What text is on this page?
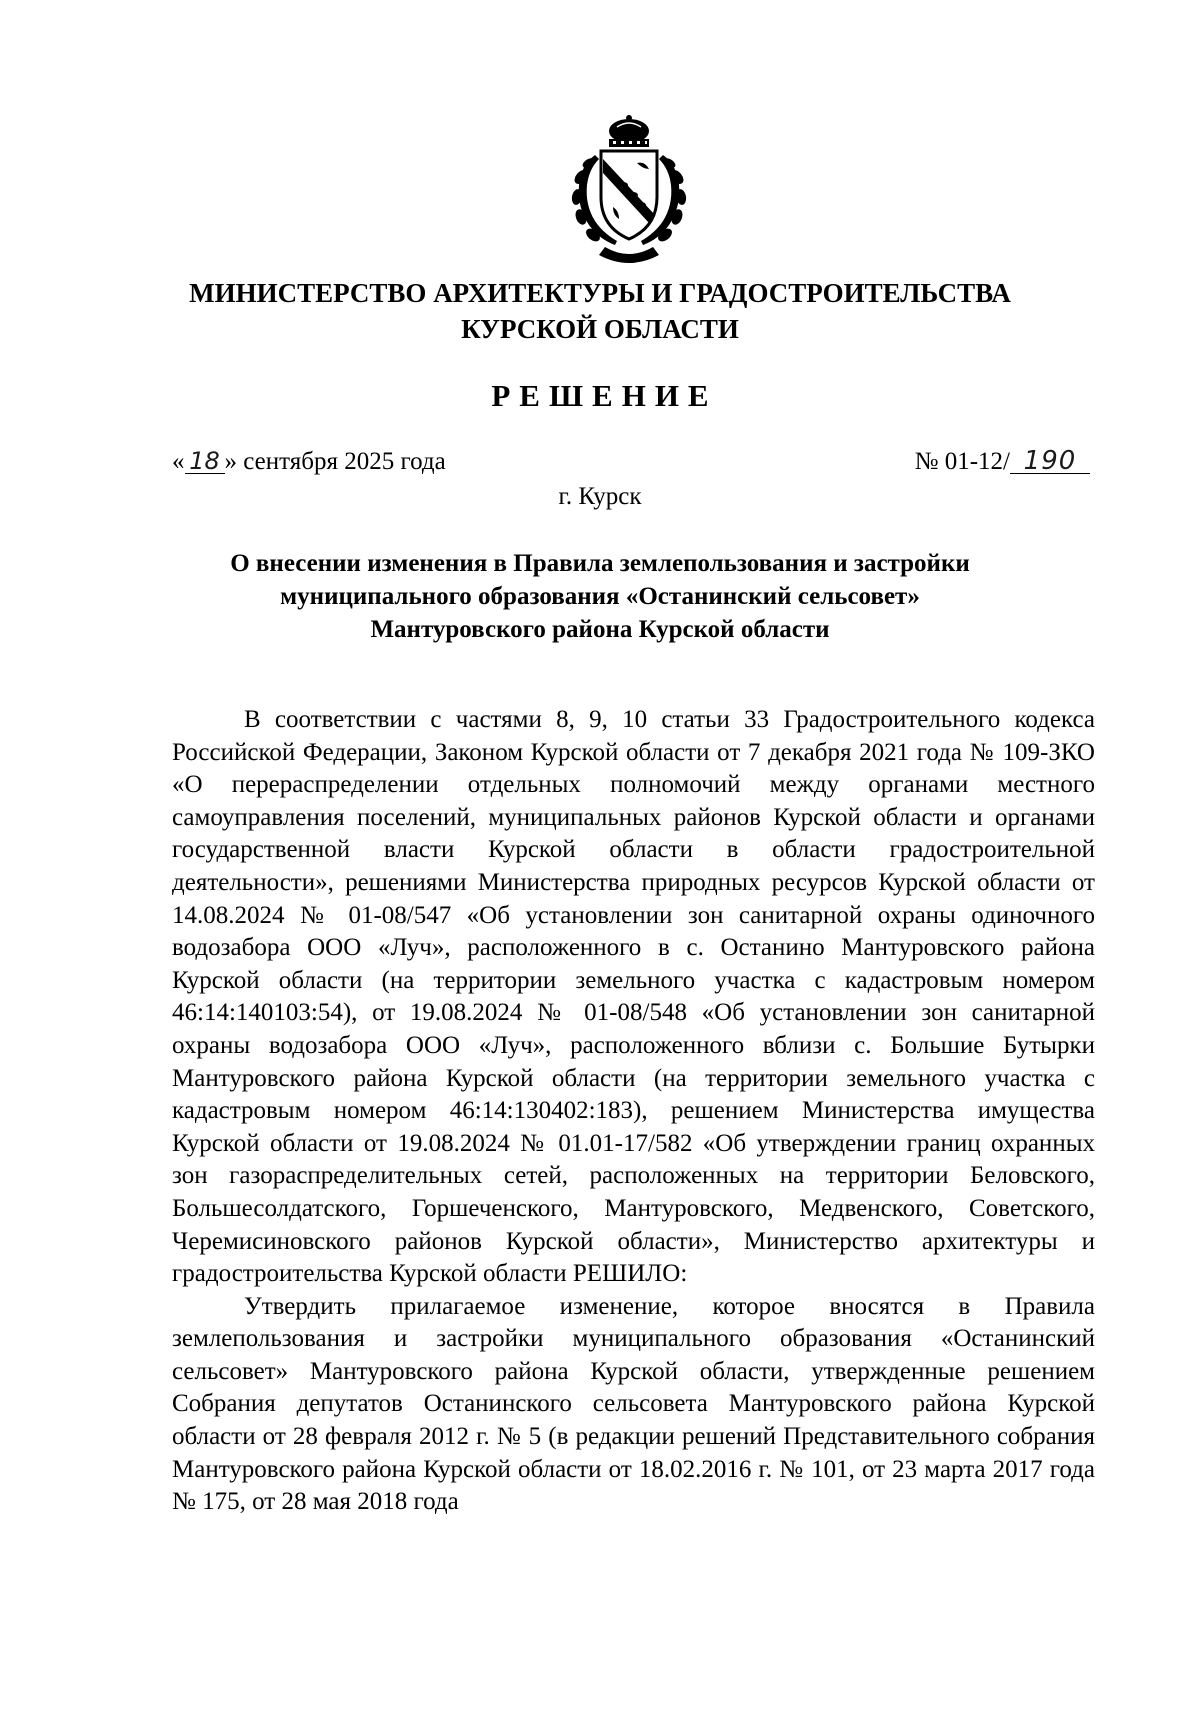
МИНИСТЕРСТВО АРХИТЕКТУРЫ И ГРАДОСТРОИТЕЛЬСТВА
КУРСКОЙ ОБЛАСТИ
РЕШЕНИЕ
« 18 » сентября 2025 года	№ 01-12/ 190
г. Курск
О внесении изменения в Правила землепользования и застройки
муниципального образования «Останинский сельсовет»
Мантуровского района Курской области

В соответствии с частями 8, 9, 10 статьи 33 Градостроительного кодекса Российской Федерации, Законом Курской области от 7 декабря 2021 года № 109-ЗКО «О перераспределении отдельных полномочий между органами местного самоуправления поселений, муниципальных районов Курской области и органами государственной власти Курской области в области градостроительной деятельности», решениями Министерства природных ресурсов Курской области от 14.08.2024 № 01-08/547 «Об установлении зон санитарной охраны одиночного водозабора ООО «Луч», расположенного в с. Останино Мантуровского района Курской области (на территории земельного участка с кадастровым номером 46:14:140103:54), от 19.08.2024 № 01-08/548 «Об установлении зон санитарной охраны водозабора ООО «Луч», расположенного вблизи с. Большие Бутырки Мантуровского района Курской области (на территории земельного участка с кадастровым номером 46:14:130402:183), решением Министерства имущества Курской области от 19.08.2024 № 01.01-17/582 «Об утверждении границ охранных зон газораспределительных сетей, расположенных на территории Беловского, Большесолдатского, Горшеченского, Мантуровского, Медвенского, Советского, Черемисиновского районов Курской области», Министерство архитектуры и градостроительства Курской области РЕШИЛО:

Утвердить прилагаемое изменение, которое вносятся в Правила землепользования и застройки муниципального образования «Останинский сельсовет» Мантуровского района Курской области, утвержденные решением Собрания депутатов Останинского сельсовета Мантуровского района Курской области от 28 февраля 2012 г. № 5 (в редакции решений Представительного собрания Мантуровского района Курской области от 18.02.2016 г. № 101, от 23 марта 2017 года № 175, от 28 мая 2018 года
